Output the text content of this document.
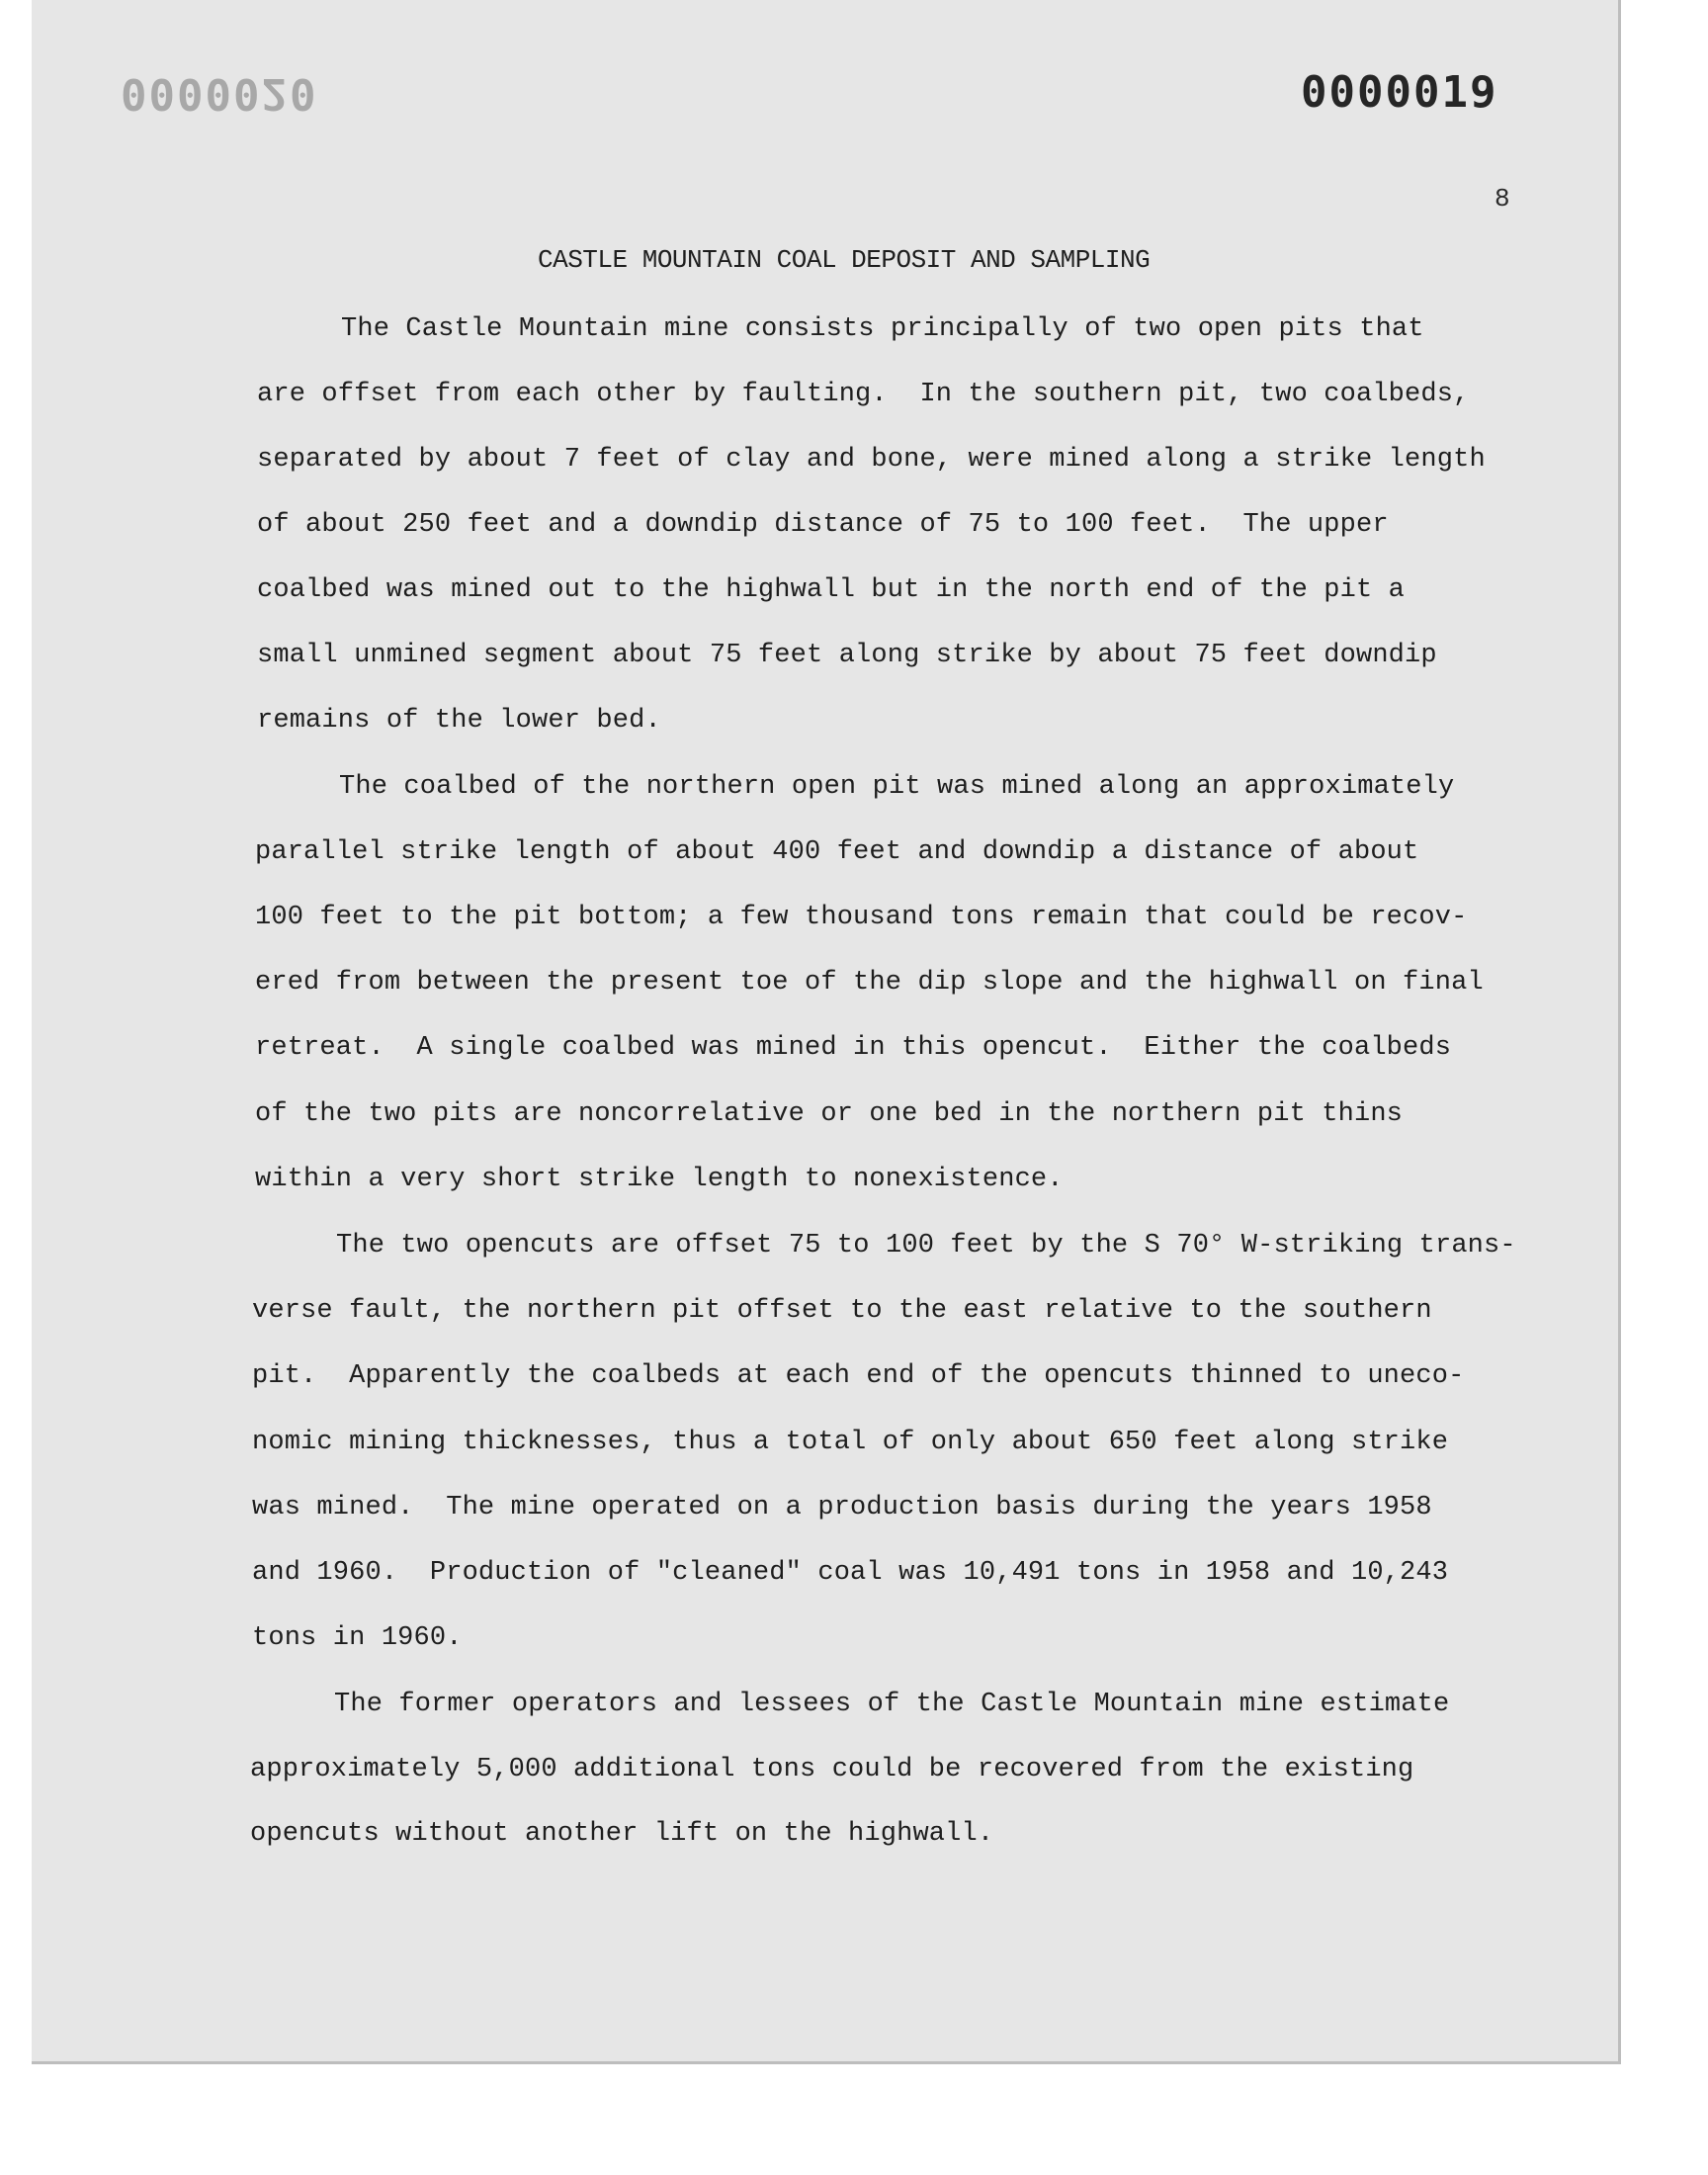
0000020	0000019
8
CASTLE MOUNTAIN COAL DEPOSIT AND SAMPLING
The Castle Mountain mine consists principally of two open pits that
are offset from each other by faulting.  In the southern pit, two coalbeds,
separated by about 7 feet of clay and bone, were mined along a strike length
of about 250 feet and a downdip distance of 75 to 100 feet.  The upper
coalbed was mined out to the highwall but in the north end of the pit a
small unmined segment about 75 feet along strike by about 75 feet downdip
remains of the lower bed.
The coalbed of the northern open pit was mined along an approximately
parallel strike length of about 400 feet and downdip a distance of about
100 feet to the pit bottom; a few thousand tons remain that could be recov-
ered from between the present toe of the dip slope and the highwall on final
retreat.  A single coalbed was mined in this opencut.  Either the coalbeds
of the two pits are noncorrelative or one bed in the northern pit thins
within a very short strike length to nonexistence.
The two opencuts are offset 75 to 100 feet by the S 70° W-striking trans-
verse fault, the northern pit offset to the east relative to the southern
pit.  Apparently the coalbeds at each end of the opencuts thinned to uneco-
nomic mining thicknesses, thus a total of only about 650 feet along strike
was mined.  The mine operated on a production basis during the years 1958
and 1960.  Production of "cleaned" coal was 10,491 tons in 1958 and 10,243
tons in 1960.
The former operators and lessees of the Castle Mountain mine estimate
approximately 5,000 additional tons could be recovered from the existing
opencuts without another lift on the highwall.
